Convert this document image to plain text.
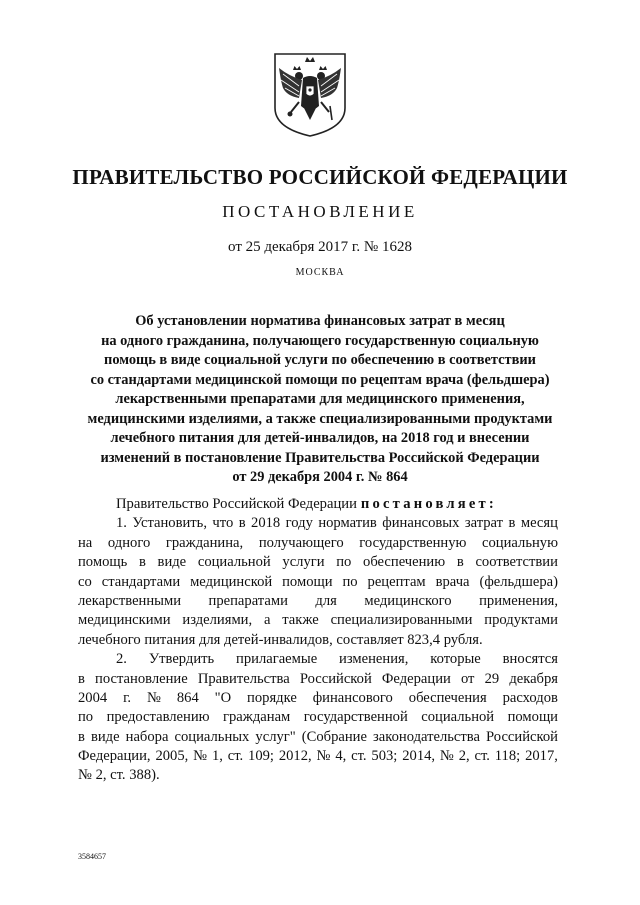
ПРАВИТЕЛЬСТВО РОССИЙСКОЙ ФЕДЕРАЦИИ
ПОСТАНОВЛЕНИЕ
от 25 декабря 2017 г. № 1628
МОСКВА
Об установлении норматива финансовых затрат в месяц
на одного гражданина, получающего государственную социальную
помощь в виде социальной услуги по обеспечению в соответствии
со стандартами медицинской помощи по рецептам врача (фельдшера)
лекарственными препаратами для медицинского применения,
медицинскими изделиями, а также специализированными продуктами
лечебного питания для детей-инвалидов, на 2018 год и внесении
изменений в постановление Правительства Российской Федерации
от 29 декабря 2004 г. № 864
Правительство Российской Федерации постановляет:
1. Установить, что в 2018 году норматив финансовых затрат в месяц
на одного гражданина, получающего государственную социальную
помощь в виде социальной услуги по обеспечению в соответствии
со стандартами медицинской помощи по рецептам врача (фельдшера)
лекарственными препаратами для медицинского применения,
медицинскими изделиями, а также специализированными продуктами
лечебного питания для детей-инвалидов, составляет 823,4 рубля.
2. Утвердить прилагаемые изменения, которые вносятся
в постановление Правительства Российской Федерации от 29 декабря
2004 г. № 864 "О порядке финансового обеспечения расходов
по предоставлению гражданам государственной социальной помощи
в виде набора социальных услуг" (Собрание законодательства Российской
Федерации, 2005, № 1, ст. 109; 2012, № 4, ст. 503; 2014, № 2, ст. 118; 2017,
№ 2, ст. 388).
3584657
